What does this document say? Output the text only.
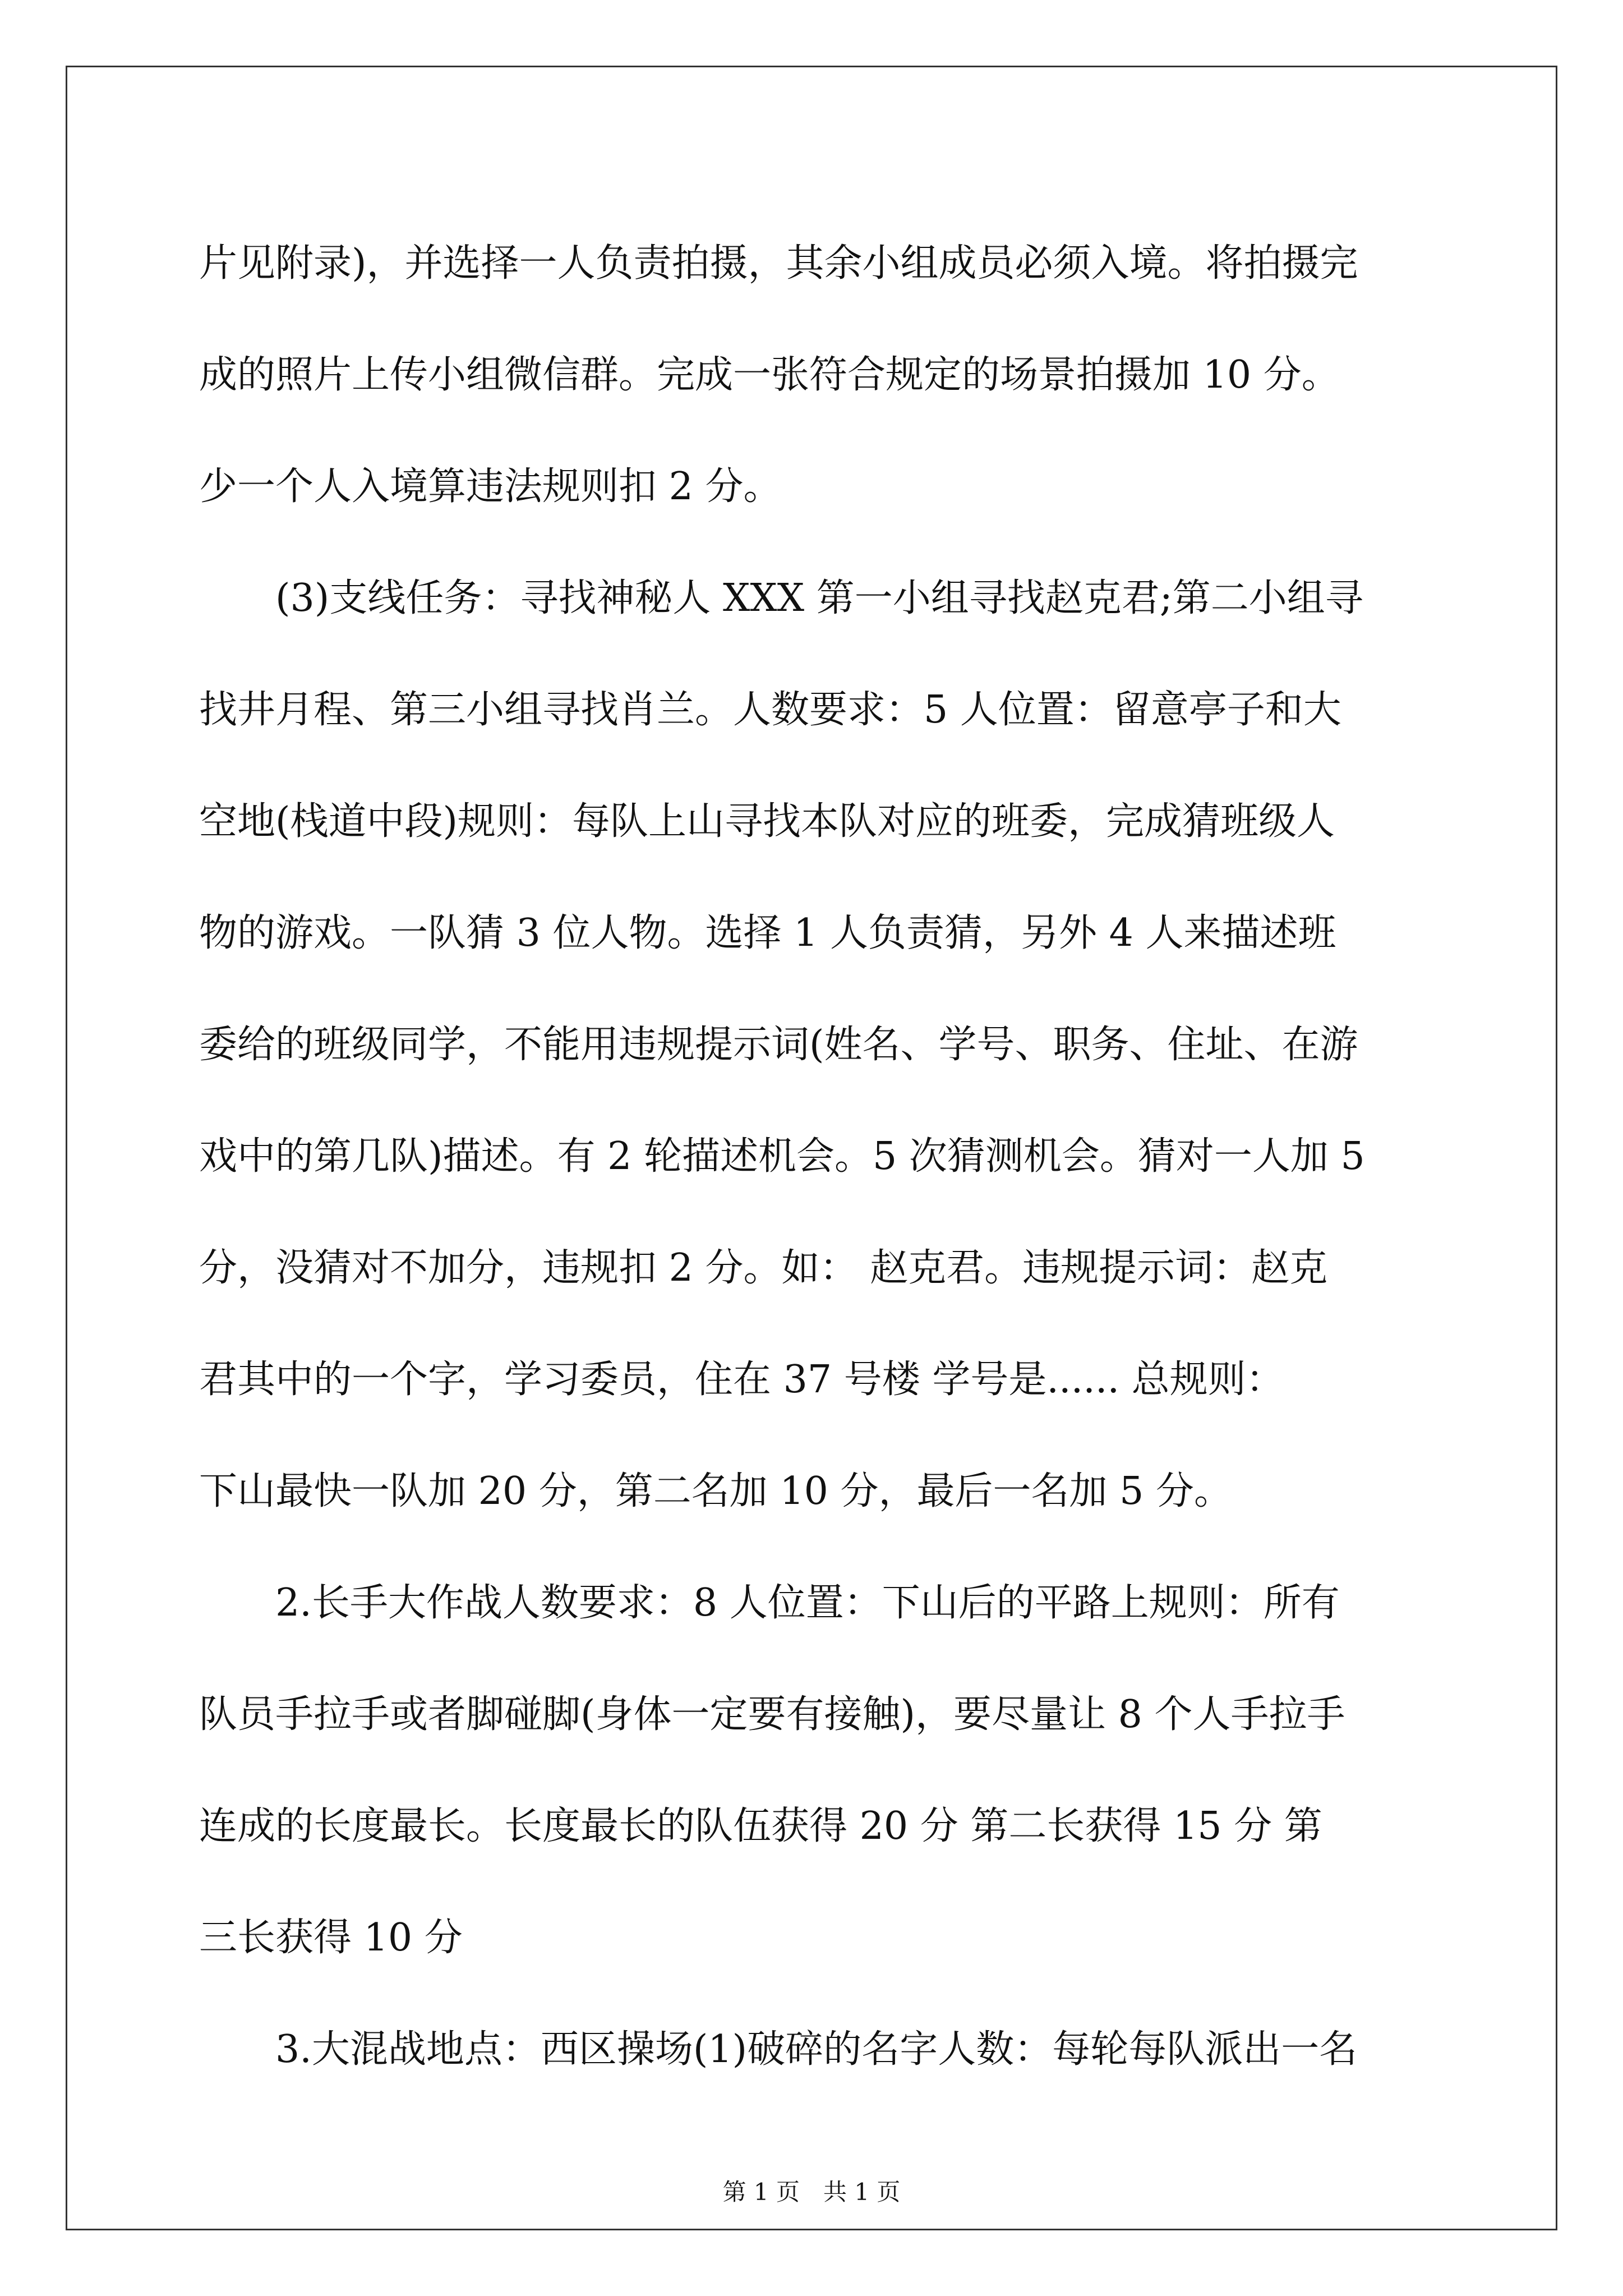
片见附录)，并选择一人负责拍摄，其余小组成员必须入境。将拍摄完

成的照片上传小组微信群。完成一张符合规定的场景拍摄加 10 分。

少一个人入境算违法规则扣 2 分。

(3)支线任务：寻找神秘人 XXX 第一小组寻找赵克君;第二小组寻

找井月程、第三小组寻找肖兰。人数要求：5 人位置：留意亭子和大

空地(栈道中段)规则：每队上山寻找本队对应的班委，完成猜班级人

物的游戏。一队猜 3 位人物。选择 1 人负责猜，另外 4 人来描述班

委给的班级同学，不能用违规提示词(姓名、学号、职务、住址、在游

戏中的第几队)描述。有 2 轮描述机会。5 次猜测机会。猜对一人加 5

分，没猜对不加分，违规扣 2 分。如： 赵克君。违规提示词：赵克

君其中的一个字，学习委员，住在 37 号楼 学号是...... 总规则：

下山最快一队加 20 分，第二名加 10 分，最后一名加 5 分。

2.长手大作战人数要求：8 人位置：下山后的平路上规则：所有

队员手拉手或者脚碰脚(身体一定要有接触)，要尽量让 8 个人手拉手

连成的长度最长。长度最长的队伍获得 20 分 第二长获得 15 分 第

三长获得 10 分

3.大混战地点：西区操场(1)破碎的名字人数：每轮每队派出一名

第 1 页　共 1 页
